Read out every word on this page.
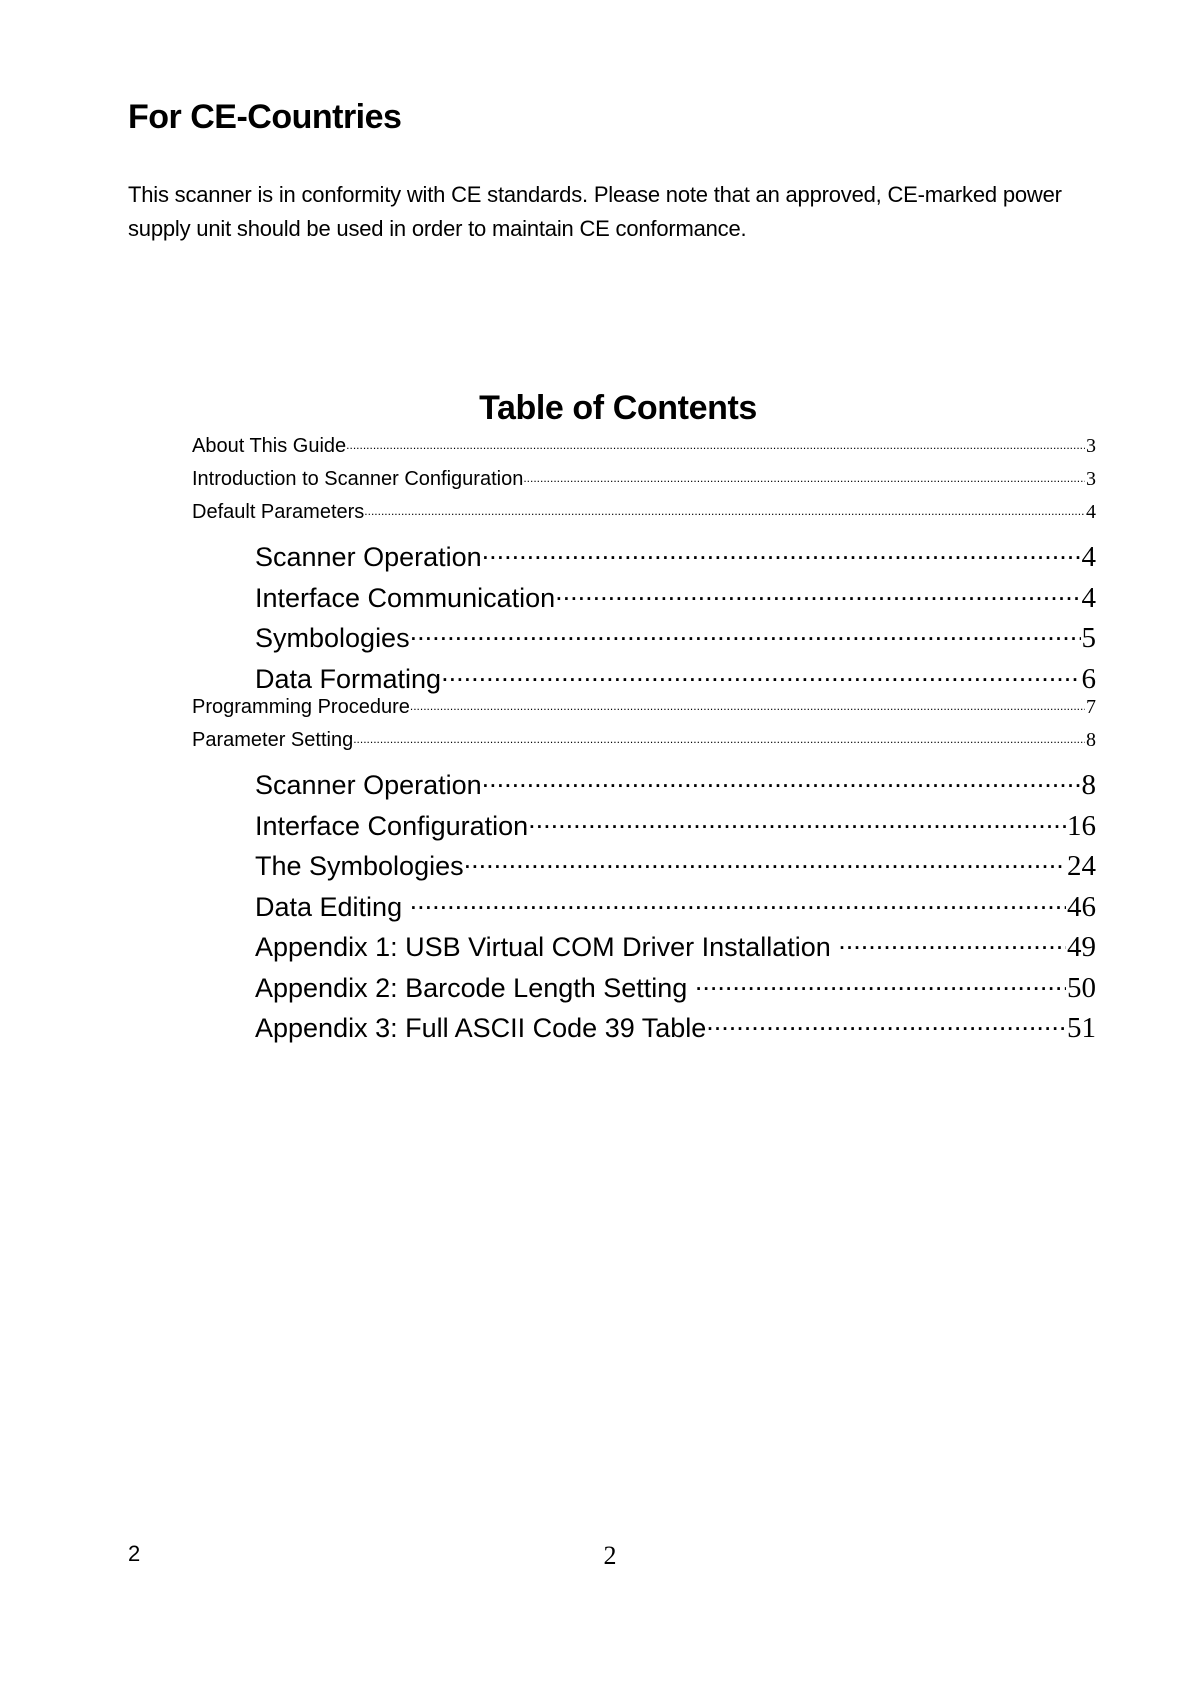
For CE-Countries

This scanner is in conformity with CE standards. Please note that an approved, CE-marked power supply unit should be used in order to maintain CE conformance.

Table of Contents
About This Guide .....	3
Introduction to Scanner Configuration .....	3
Default Parameters .....	4
Scanner Operation .....	4
Interface Communication .....	4
Symbologies .....	5
Data Formating .....	6
Programming Procedure .....	7
Parameter Setting .....	8
Scanner Operation .....	8
Interface Configuration .....	16
The Symbologies .....	24
Data Editing .....	46
Appendix 1: USB Virtual COM Driver Installation .....	49
Appendix 2: Barcode Length Setting .....	50
Appendix 3: Full ASCII Code 39 Table .....	51
2	2
